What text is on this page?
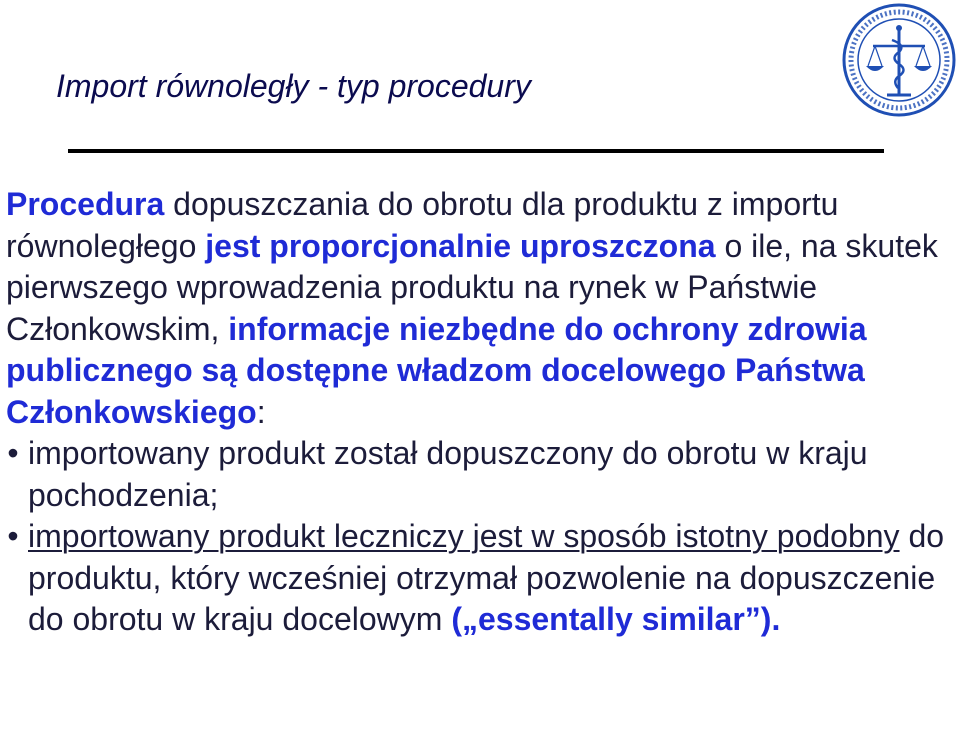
Import równoległy - typ procedury

Procedura dopuszczania do obrotu dla produktu z importu równoległego jest proporcjonalnie uproszczona o ile, na skutek pierwszego wprowadzenia produktu na rynek w Państwie Członkowskim, informacje niezbędne do ochrony zdrowia publicznego są dostępne władzom docelowego Państwa Członkowskiego:

• importowany produkt został dopuszczony do obrotu w kraju pochodzenia;

• importowany produkt leczniczy jest w sposób istotny podobny do produktu, który wcześniej otrzymał pozwolenie na dopuszczenie do obrotu w kraju docelowym („essentally similar”).
